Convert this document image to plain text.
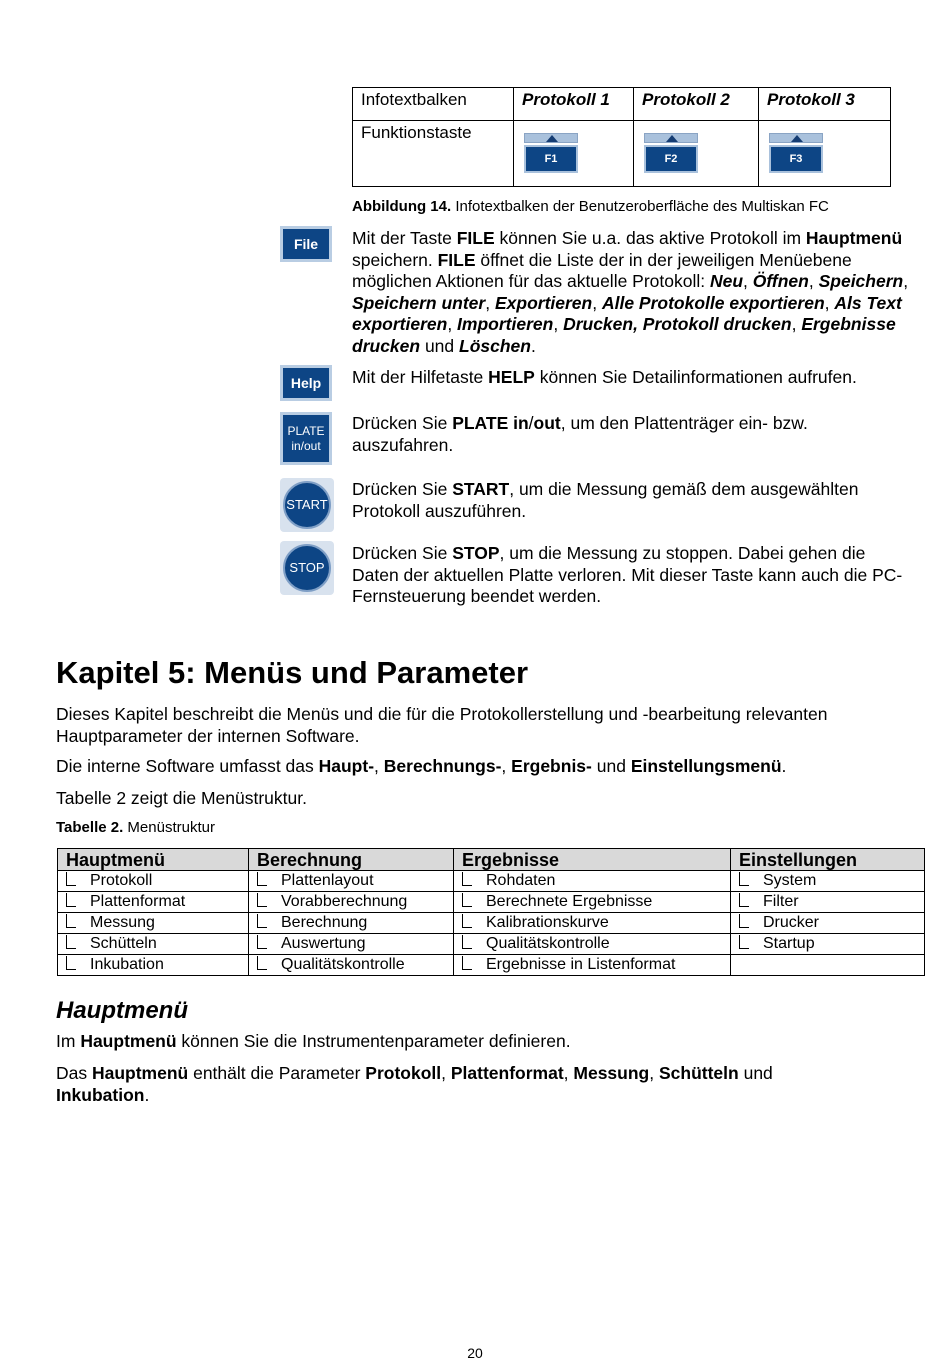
Infotextbalken	Protokoll 1	Protokoll 2	Protokoll 3
Funktionstaste	F1	F2	F3
Abbildung 14. Infotextbalken der Benutzeroberfläche des Multiskan FC
File	Mit der Taste FILE können Sie u.a. das aktive Protokoll im Hauptmenü speichern. FILE öffnet die Liste der in der jeweiligen Menüebene möglichen Aktionen für das aktuelle Protokoll: Neu, Öffnen, Speichern, Speichern unter, Exportieren, Alle Protokolle exportieren, Als Text exportieren, Importieren, Drucken, Protokoll drucken, Ergebnisse drucken und Löschen.
Help	Mit der Hilfetaste HELP können Sie Detailinformationen aufrufen.
PLATE
in/out
Drücken Sie PLATE in/out, um den Plattenträger ein- bzw. auszufahren.
START
Drücken Sie START, um die Messung gemäß dem ausgewählten Protokoll auszuführen.
STOP
Drücken Sie STOP, um die Messung zu stoppen. Dabei gehen die Daten der aktuellen Platte verloren. Mit dieser Taste kann auch die PC-Fernsteuerung beendet werden.
Kapitel 5: Menüs und Parameter
Dieses Kapitel beschreibt die Menüs und die für die Protokollerstellung und -bearbeitung relevanten Hauptparameter der internen Software.
Die interne Software umfasst das Haupt-, Berechnungs-, Ergebnis- und Einstellungsmenü.
Tabelle 2 zeigt die Menüstruktur.
Tabelle 2. Menüstruktur
Hauptmenü	Berechnung	Ergebnisse	Einstellungen
Protokoll	Plattenlayout	Rohdaten	System
Plattenformat	Vorabberechnung	Berechnete Ergebnisse	Filter
Messung	Berechnung	Kalibrationskurve	Drucker
Schütteln	Auswertung	Qualitätskontrolle	Startup
Inkubation	Qualitätskontrolle	Ergebnisse in Listenformat	
Hauptmenü
Im Hauptmenü können Sie die Instrumentenparameter definieren.
Das Hauptmenü enthält die Parameter Protokoll, Plattenformat, Messung, Schütteln und Inkubation.
20
